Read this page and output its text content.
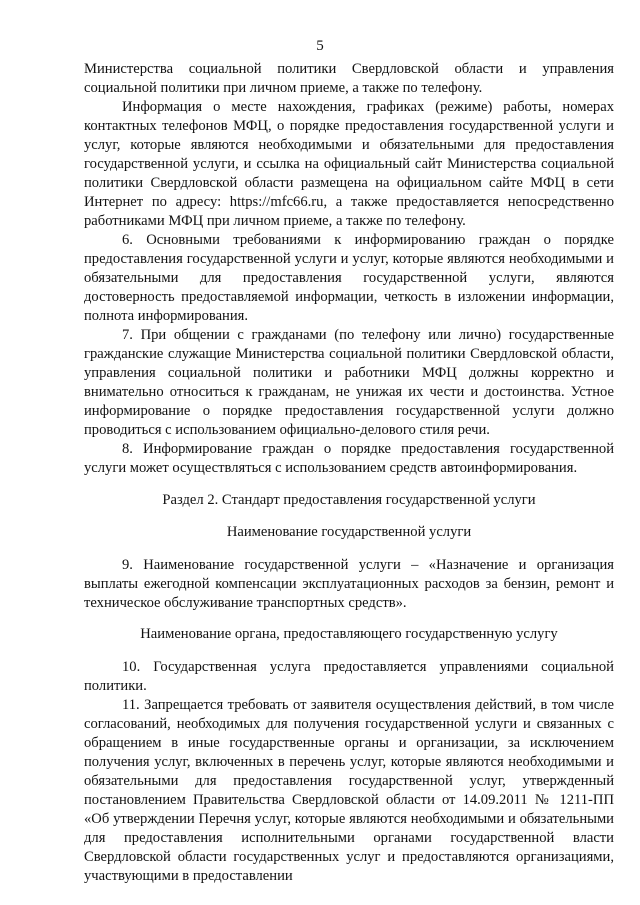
5

Министерства социальной политики Свердловской области и управления социальной политики при личном приеме, а также по телефону.

Информация о месте нахождения, графиках (режиме) работы, номерах контактных телефонов МФЦ, о порядке предоставления государственной услуги и услуг, которые являются необходимыми и обязательными для предоставления государственной услуги, и ссылка на официальный сайт Министерства социальной политики Свердловской области размещена на официальном сайте МФЦ в сети Интернет по адресу: https://mfc66.ru, а также предоставляется непосредственно работниками МФЦ при личном приеме, а также по телефону.

6. Основными требованиями к информированию граждан о порядке предоставления государственной услуги и услуг, которые являются необходимыми и обязательными для предоставления государственной услуги, являются достоверность предоставляемой информации, четкость в изложении информации, полнота информирования.

7. При общении с гражданами (по телефону или лично) государственные гражданские служащие Министерства социальной политики Свердловской области, управления социальной политики и работники МФЦ должны корректно и внимательно относиться к гражданам, не унижая их чести и достоинства. Устное информирование о порядке предоставления государственной услуги должно проводиться с использованием официально-делового стиля речи.

8. Информирование граждан о порядке предоставления государственной услуги может осуществляться с использованием средств автоинформирования.

Раздел 2. Стандарт предоставления государственной услуги

Наименование государственной услуги

9. Наименование государственной услуги – «Назначение и организация выплаты ежегодной компенсации эксплуатационных расходов за бензин, ремонт и техническое обслуживание транспортных средств».

Наименование органа, предоставляющего государственную услугу

10. Государственная услуга предоставляется управлениями социальной политики.

11. Запрещается требовать от заявителя осуществления действий, в том числе согласований, необходимых для получения государственной услуги и связанных с обращением в иные государственные органы и организации, за исключением получения услуг, включенных в перечень услуг, которые являются необходимыми и обязательными для предоставления государственной услуг, утвержденный постановлением Правительства Свердловской области от 14.09.2011 № 1211-ПП «Об утверждении Перечня услуг, которые являются необходимыми и обязательными для предоставления исполнительными органами государственной власти Свердловской области государственных услуг и предоставляются организациями, участвующими в предоставлении
